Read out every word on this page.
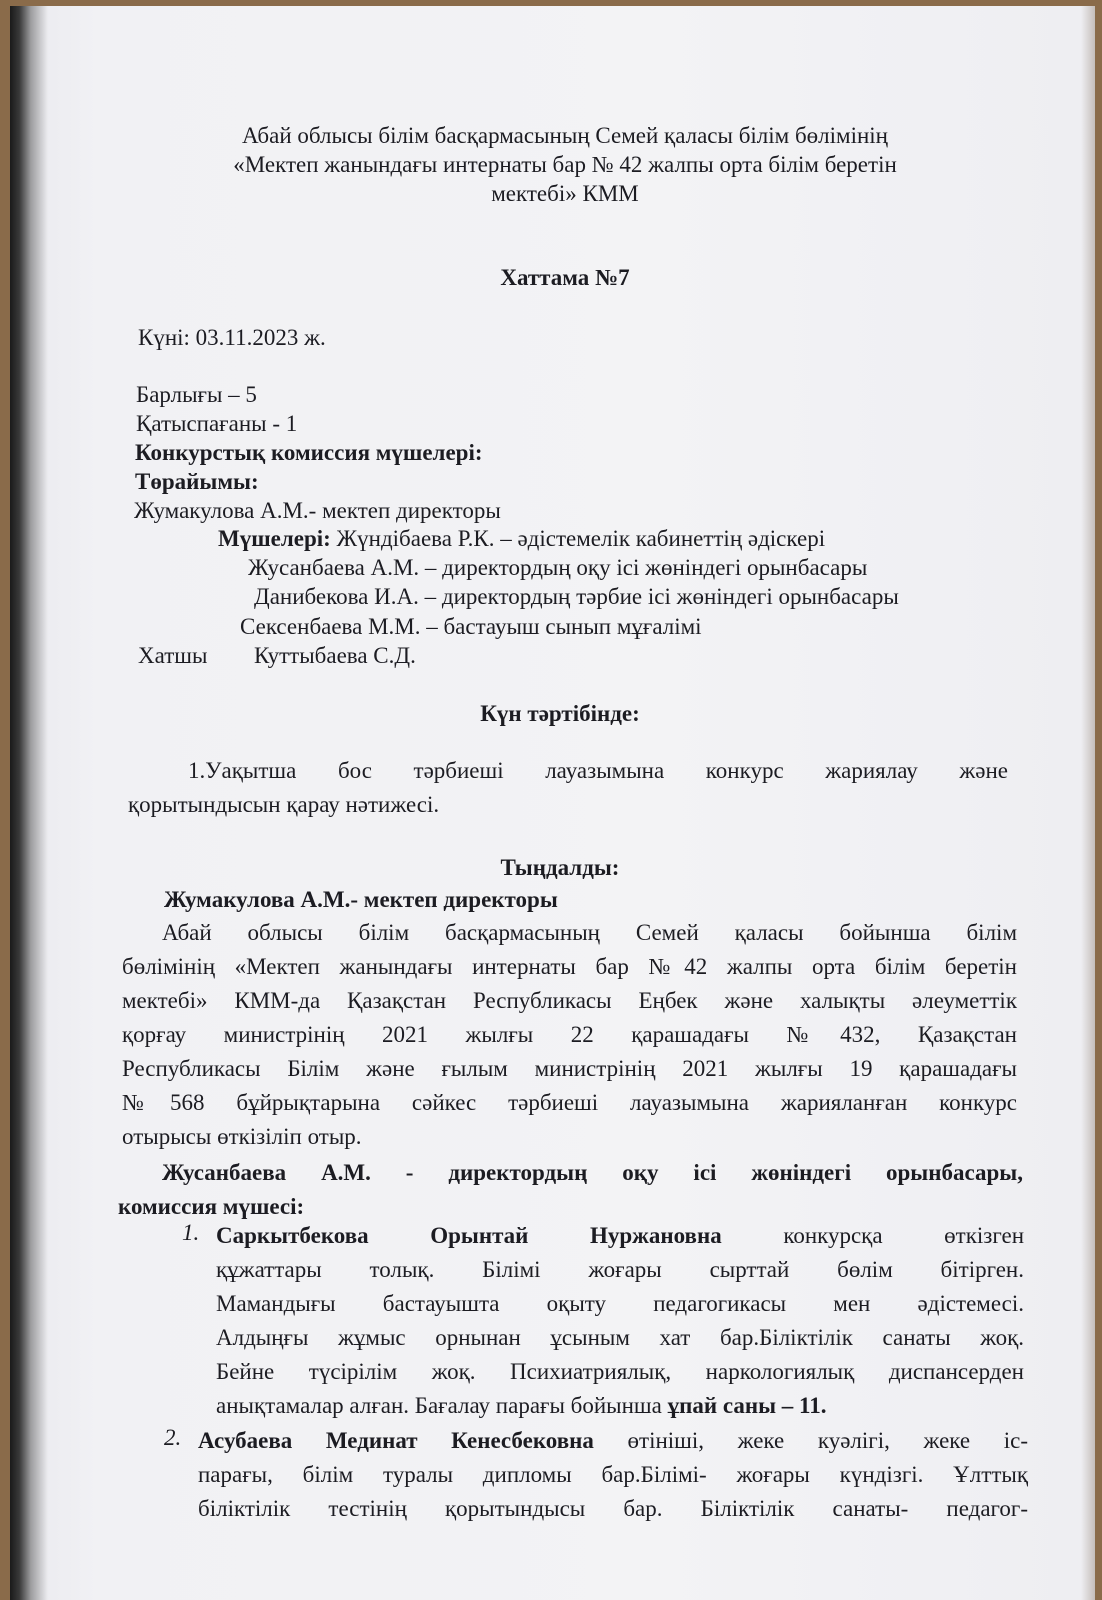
Абай облысы білім басқармасының Семей қаласы білім бөлімінің
«Мектеп жанындағы интернаты бар № 42 жалпы орта білім беретін
мектебі» КММ
Хаттама №7
Күні: 03.11.2023 ж.
Барлығы – 5
Қатыспағаны - 1
Конкурстық комиссия мүшелері:
Төрайымы:
Жумакулова А.М.- мектеп директоры
Мүшелері: Жүндібаева Р.К. – әдістемелік кабинеттің әдіскері
Жусанбаева А.М. – директордың оқу ісі жөніндегі орынбасары
Данибекова И.А. – директордың тәрбие ісі жөніндегі орынбасары
Сексенбаева М.М. – бастауыш сынып мұғалімі
Хатшы Куттыбаева С.Д.
Күн тәртібінде:
1.Уақытша бос тәрбиеші лауазымына конкурс жариялау және
қорытындысын қарау нәтижесі.
Тыңдалды:
Жумакулова А.М.- мектеп директоры
Абай облысы білім басқармасының Семей қаласы бойынша білім
бөлімінің «Мектеп жанындағы интернаты бар №42 жалпы орта білім беретін
мектебі» КММ-да Қазақстан Республикасы Еңбек және халықты әлеуметтік
қорғау министрінің 2021 жылғы 22 қарашадағы №432, Қазақстан
Республикасы Білім және ғылым министрінің 2021 жылғы 19 қарашадағы
№568 бұйрықтарына сәйкес тәрбиеші лауазымына жарияланған конкурс
отырысы өткізіліп отыр.
Жусанбаева А.М. - директордың оқу ісі жөніндегі орынбасары,
комиссия мүшесі:
1. Саркытбекова Орынтай Нуржановна	конкурсқа өткізген
құжаттары толық. Білімі жоғары сырттай бөлім бітірген.
Мамандығы бастауышта оқыту педагогикасы мен әдістемесі.
Алдыңғы жұмыс орнынан ұсыным хат бар.Біліктілік санаты жоқ.
Бейне түсірілім жоқ. Психиатриялық, наркологиялық диспансерден
анықтамалар алған. Бағалау парағы бойынша ұпай саны – 11.
2. Асубаева Мединат Кенесбековна өтініші, жеке куәлігі, жеке іс-
парағы, білім туралы дипломы бар.Білімі- жоғары күндізгі. Ұлттық
біліктілік тестінің қорытындысы бар. Біліктілік санаты- педагог-
